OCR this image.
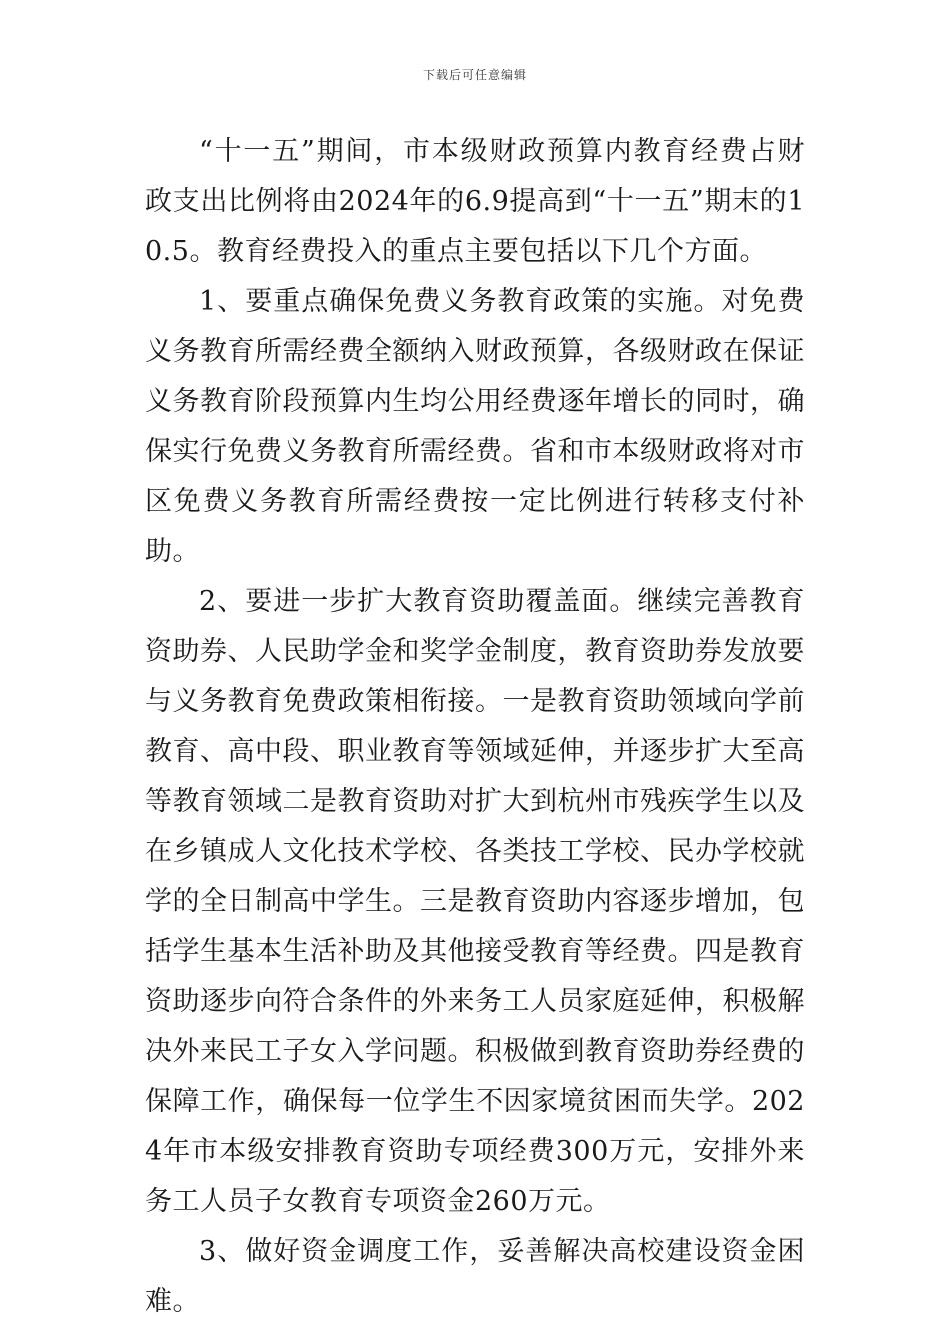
下载后可任意编辑

“十一五”期间，市本级财政预算内教育经费占财政支出比例将由2024年的6.9提高到“十一五”期末的10.5。教育经费投入的重点主要包括以下几个方面。

1、要重点确保免费义务教育政策的实施。对免费义务教育所需经费全额纳入财政预算，各级财政在保证义务教育阶段预算内生均公用经费逐年增长的同时，确保实行免费义务教育所需经费。省和市本级财政将对市区免费义务教育所需经费按一定比例进行转移支付补助。

2、要进一步扩大教育资助覆盖面。继续完善教育资助券、人民助学金和奖学金制度，教育资助券发放要与义务教育免费政策相衔接。一是教育资助领域向学前教育、高中段、职业教育等领域延伸，并逐步扩大至高等教育领域二是教育资助对扩大到杭州市残疾学生以及在乡镇成人文化技术学校、各类技工学校、民办学校就学的全日制高中学生。三是教育资助内容逐步增加，包括学生基本生活补助及其他接受教育等经费。四是教育资助逐步向符合条件的外来务工人员家庭延伸，积极解决外来民工子女入学问题。积极做到教育资助券经费的保障工作，确保每一位学生不因家境贫困而失学。2024年市本级安排教育资助专项经费300万元，安排外来务工人员子女教育专项资金260万元。

3、做好资金调度工作，妥善解决高校建设资金困难。
